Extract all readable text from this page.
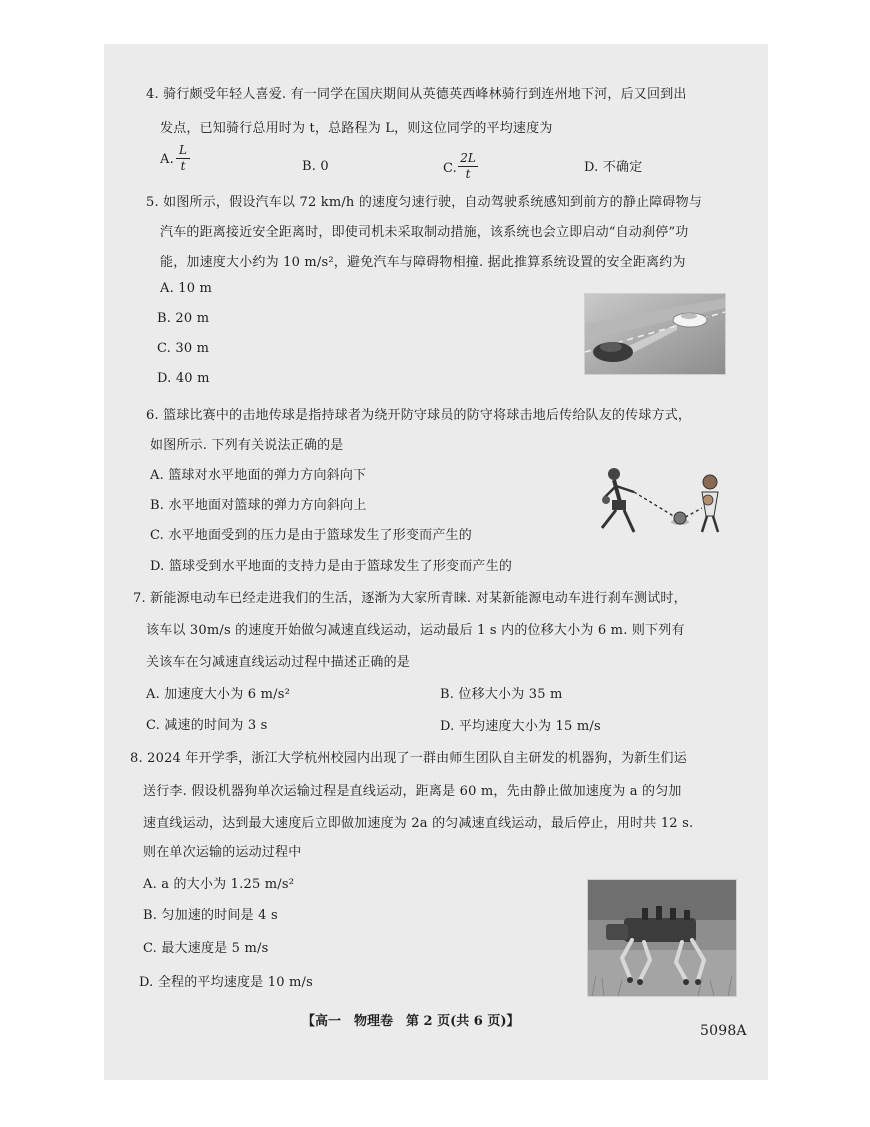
4. 骑行颇受年轻人喜爱. 有一同学在国庆期间从英德英西峰林骑行到连州地下河，后又回到出
发点，已知骑行总用时为 t，总路程为 L，则这位同学的平均速度为
A.
L
t	B. 0	C.
2L
t	D. 不确定
5. 如图所示，假设汽车以 72 km/h 的速度匀速行驶，自动驾驶系统感知到前方的静止障碍物与
汽车的距离接近安全距离时，即使司机未采取制动措施，该系统也会立即启动“自动刹停”功
能，加速度大小约为 10 m/s²，避免汽车与障碍物相撞. 据此推算系统设置的安全距离约为
A. 10 m
B. 20 m
C. 30 m
D. 40 m
6. 篮球比赛中的击地传球是指持球者为绕开防守球员的防守将球击地后传给队友的传球方式，
如图所示. 下列有关说法正确的是
A. 篮球对水平地面的弹力方向斜向下
B. 水平地面对篮球的弹力方向斜向上
C. 水平地面受到的压力是由于篮球发生了形变而产生的
D. 篮球受到水平地面的支持力是由于篮球发生了形变而产生的
7. 新能源电动车已经走进我们的生活，逐渐为大家所青睐. 对某新能源电动车进行刹车测试时，
该车以 30m/s 的速度开始做匀减速直线运动，运动最后 1 s 内的位移大小为 6 m. 则下列有
关该车在匀减速直线运动过程中描述正确的是
A. 加速度大小为 6 m/s²	B. 位移大小为 35 m
C. 减速的时间为 3 s	D. 平均速度大小为 15 m/s
8. 2024 年开学季，浙江大学杭州校园内出现了一群由师生团队自主研发的机器狗，为新生们运
送行李. 假设机器狗单次运输过程是直线运动，距离是 60 m，先由静止做加速度为 a 的匀加
速直线运动，达到最大速度后立即做加速度为 2a 的匀减速直线运动，最后停止，用时共 12 s.
则在单次运输的运动过程中
A. a 的大小为 1.25 m/s²
B. 匀加速的时间是 4 s
C. 最大速度是 5 m/s
D. 全程的平均速度是 10 m/s
【高一　物理卷　第 2 页(共 6 页)】
5098A
